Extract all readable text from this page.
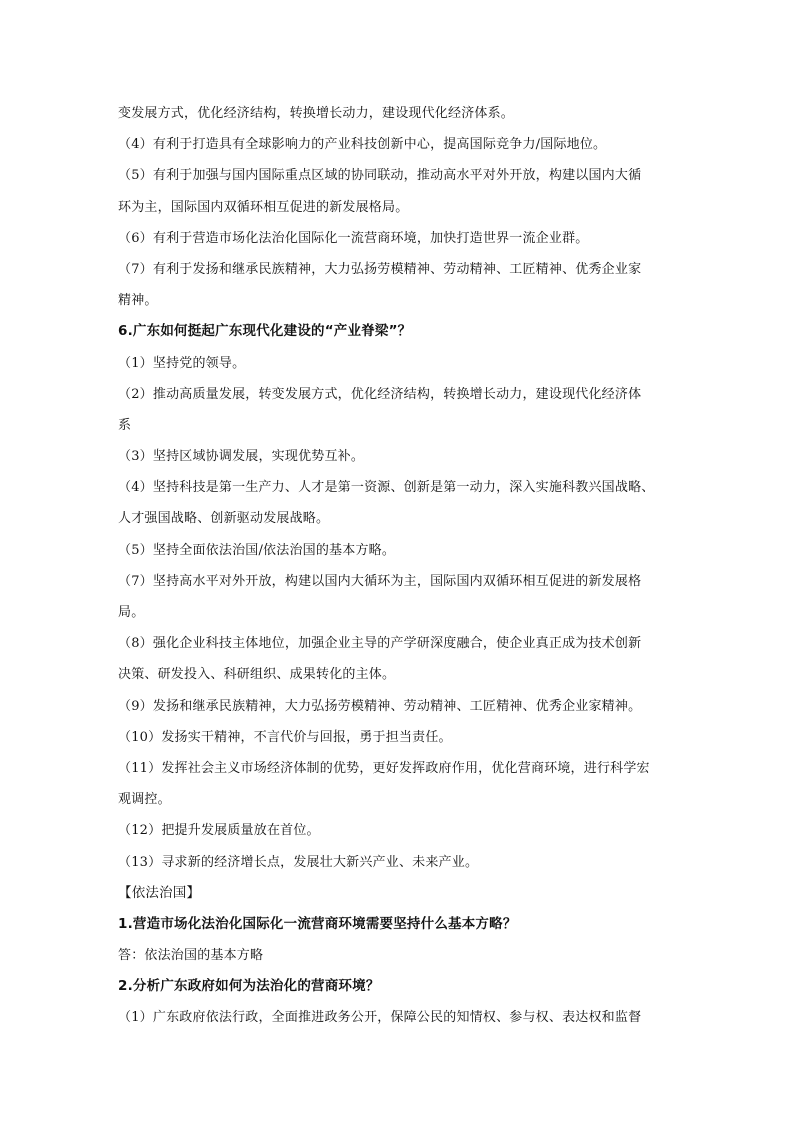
变发展方式，优化经济结构，转换增长动力，建设现代化经济体系。
（4）有利于打造具有全球影响力的产业科技创新中心，提高国际竞争力/国际地位。
（5）有利于加强与国内国际重点区域的协同联动，推动高水平对外开放，构建以国内大循
环为主，国际国内双循环相互促进的新发展格局。
（6）有利于营造市场化法治化国际化一流营商环境，加快打造世界一流企业群。
（7）有利于发扬和继承民族精神，大力弘扬劳模精神、劳动精神、工匠精神、优秀企业家
精神。
6.广东如何挺起广东现代化建设的“产业脊梁”？
（1）坚持党的领导。
（2）推动高质量发展，转变发展方式，优化经济结构，转换增长动力，建设现代化经济体
系
（3）坚持区域协调发展，实现优势互补。
（4）坚持科技是第一生产力、人才是第一资源、创新是第一动力，深入实施科教兴国战略、
人才强国战略、创新驱动发展战略。
（5）坚持全面依法治国/依法治国的基本方略。
（7）坚持高水平对外开放，构建以国内大循环为主，国际国内双循环相互促进的新发展格
局。
（8）强化企业科技主体地位，加强企业主导的产学研深度融合，使企业真正成为技术创新
决策、研发投入、科研组织、成果转化的主体。
（9）发扬和继承民族精神，大力弘扬劳模精神、劳动精神、工匠精神、优秀企业家精神。
（10）发扬实干精神，不言代价与回报，勇于担当责任。
（11）发挥社会主义市场经济体制的优势，更好发挥政府作用，优化营商环境，进行科学宏
观调控。
（12）把提升发展质量放在首位。
（13）寻求新的经济增长点，发展壮大新兴产业、未来产业。
【依法治国】
1.营造市场化法治化国际化一流营商环境需要坚持什么基本方略？
答：依法治国的基本方略
2.分析广东政府如何为法治化的营商环境？
（1）广东政府依法行政，全面推进政务公开，保障公民的知情权、参与权、表达权和监督
